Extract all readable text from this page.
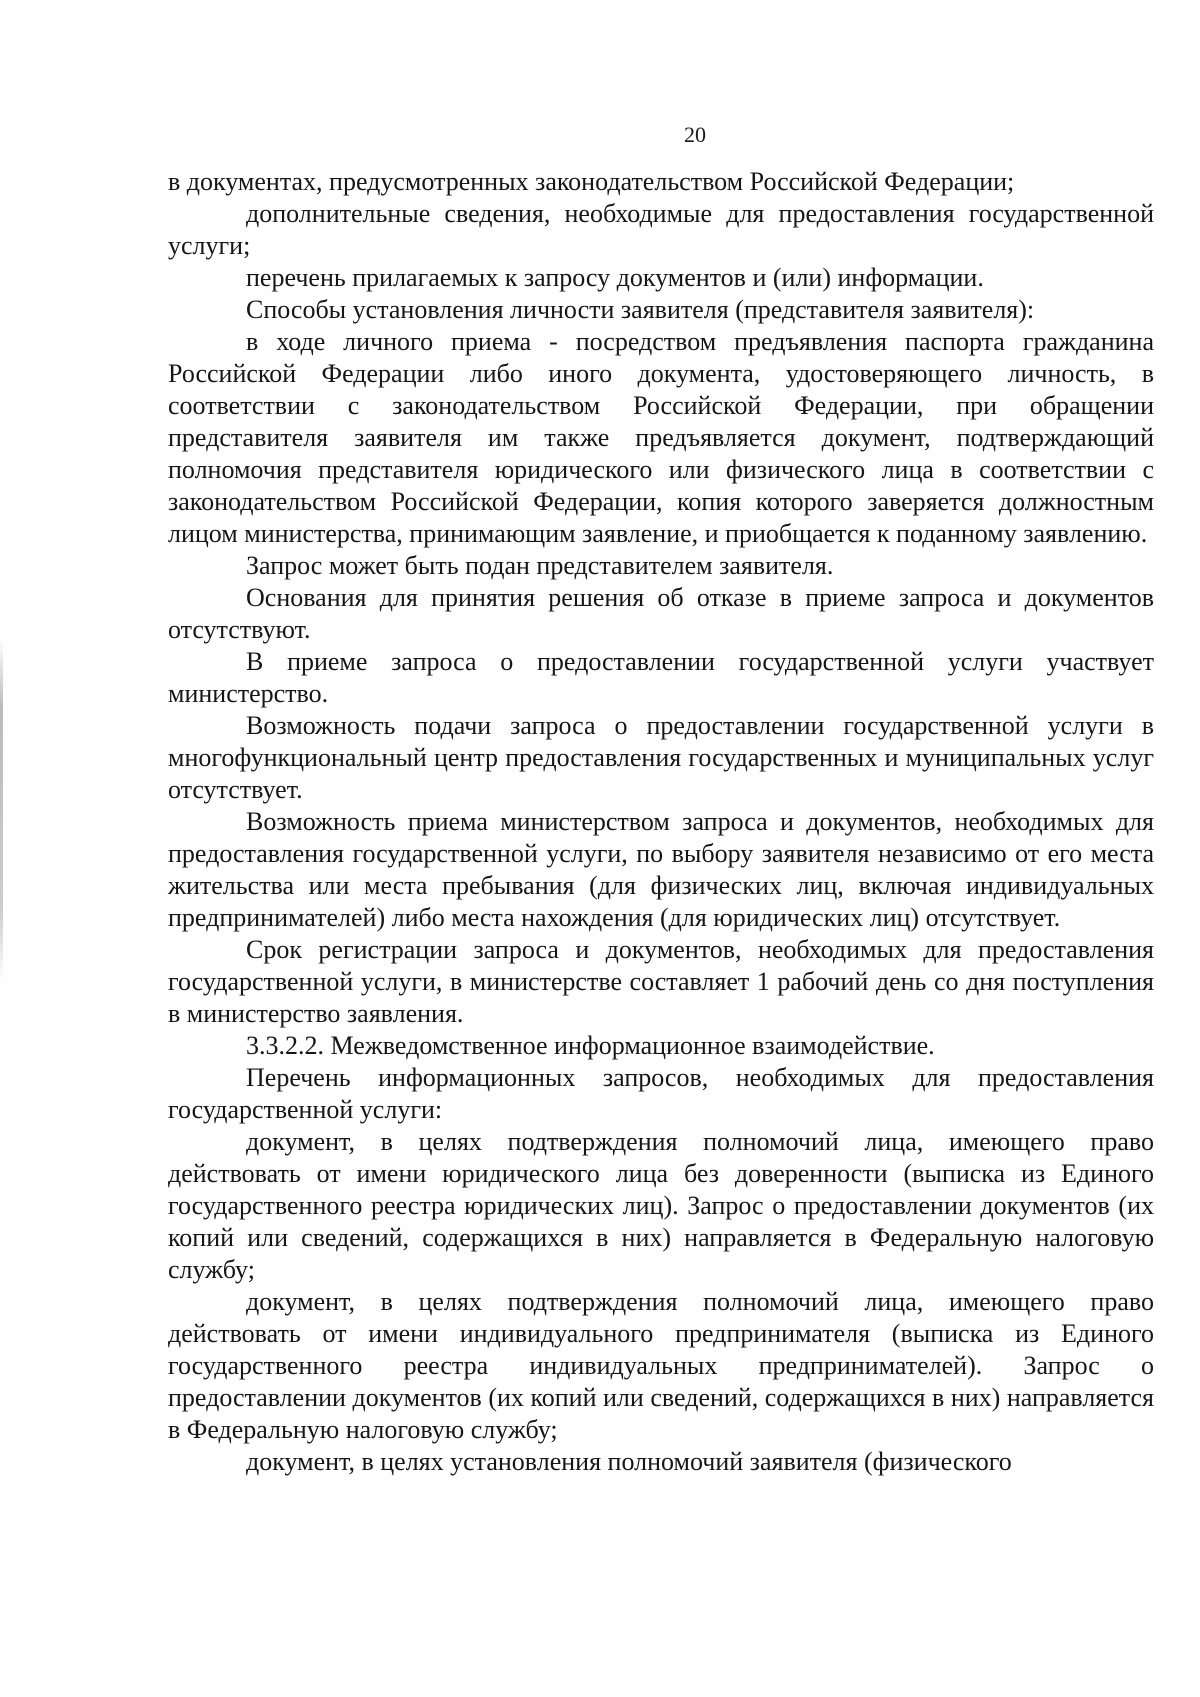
20

в документах, предусмотренных законодательством Российской Федерации;

дополнительные сведения, необходимые для предоставления государственной услуги;

перечень прилагаемых к запросу документов и (или) информации.

Способы установления личности заявителя (представителя заявителя):

в ходе личного приема - посредством предъявления паспорта гражданина Российской Федерации либо иного документа, удостоверяющего личность, в соответствии с законодательством Российской Федерации, при обращении представителя заявителя им также предъявляется документ, подтверждающий полномочия представителя юридического или физического лица в соответствии с законодательством Российской Федерации, копия которого заверяется должностным лицом министерства, принимающим заявление, и приобщается к поданному заявлению.

Запрос может быть подан представителем заявителя.

Основания для принятия решения об отказе в приеме запроса и документов отсутствуют.

В приеме запроса о предоставлении государственной услуги участвует министерство.

Возможность подачи запроса о предоставлении государственной услуги в многофункциональный центр предоставления государственных и муниципальных услуг отсутствует.

Возможность приема министерством запроса и документов, необходимых для предоставления государственной услуги, по выбору заявителя независимо от его места жительства или места пребывания (для физических лиц, включая индивидуальных предпринимателей) либо места нахождения (для юридических лиц) отсутствует.

Срок регистрации запроса и документов, необходимых для предоставления государственной услуги, в министерстве составляет 1 рабочий день со дня поступления в министерство заявления.

3.3.2.2. Межведомственное информационное взаимодействие.

Перечень информационных запросов, необходимых для предоставления государственной услуги:

документ, в целях подтверждения полномочий лица, имеющего право действовать от имени юридического лица без доверенности (выписка из Единого государственного реестра юридических лиц). Запрос о предоставлении документов (их копий или сведений, содержащихся в них) направляется в Федеральную налоговую службу;

документ, в целях подтверждения полномочий лица, имеющего право действовать от имени индивидуального предпринимателя (выписка из Единого государственного реестра индивидуальных предпринимателей). Запрос о предоставлении документов (их копий или сведений, содержащихся в них) направляется в Федеральную налоговую службу;

документ, в целях установления полномочий заявителя (физического
